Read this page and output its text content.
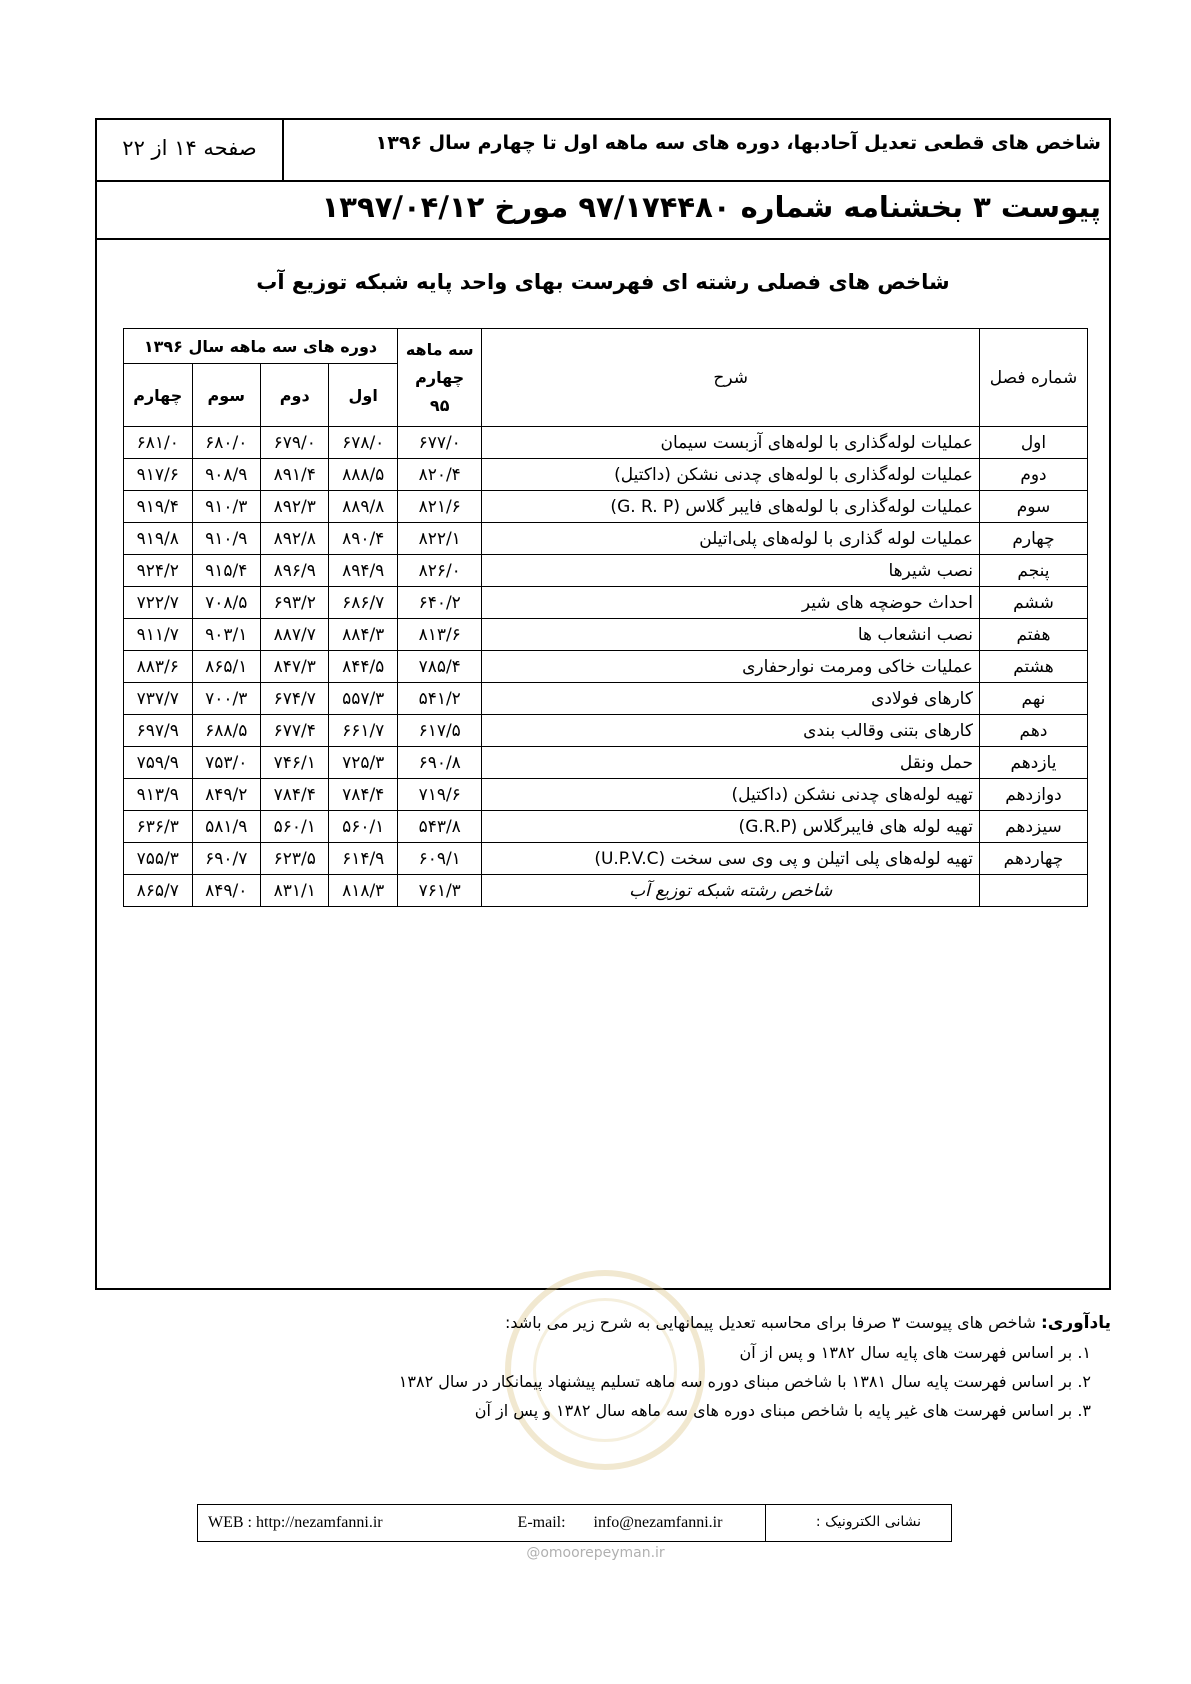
شاخص های قطعی تعدیل آحادبها، دوره های سه ماهه اول تا چهارم سال ۱۳۹۶
صفحه ۱۴ از ۲۲
پیوست ۳ بخشنامه شماره ۹۷/۱۷۴۴۸۰ مورخ ۱۳۹۷/۰۴/۱۲
شاخص های فصلی رشته ای فهرست بهای واحد پایه شبکه توزیع آب
شماره فصل	شرح	سه ماهه چهارم ۹۵	دوره های سه ماهه سال ۱۳۹۶			
			اول	دوم	سوم	چهارم
اول	عملیات لوله‌گذاری با لوله‌های آزبست سیمان	۶۷۷/۰	۶۷۸/۰	۶۷۹/۰	۶۸۰/۰	۶۸۱/۰
دوم	عملیات لوله‌گذاری با لوله‌های چدنی نشکن (داکتیل)	۸۲۰/۴	۸۸۸/۵	۸۹۱/۴	۹۰۸/۹	۹۱۷/۶
سوم	عملیات لوله‌گذاری با لوله‌های فایبر گلاس (G. R. P)	۸۲۱/۶	۸۸۹/۸	۸۹۲/۳	۹۱۰/۳	۹۱۹/۴
چهارم	عملیات لوله گذاری با لوله‌های پلی‌اتیلن	۸۲۲/۱	۸۹۰/۴	۸۹۲/۸	۹۱۰/۹	۹۱۹/۸
پنجم	نصب شیرها	۸۲۶/۰	۸۹۴/۹	۸۹۶/۹	۹۱۵/۴	۹۲۴/۲
ششم	احداث حوضچه های شیر	۶۴۰/۲	۶۸۶/۷	۶۹۳/۲	۷۰۸/۵	۷۲۲/۷
هفتم	نصب انشعاب ها	۸۱۳/۶	۸۸۴/۳	۸۸۷/۷	۹۰۳/۱	۹۱۱/۷
هشتم	عملیات خاکی ومرمت نوارحفاری	۷۸۵/۴	۸۴۴/۵	۸۴۷/۳	۸۶۵/۱	۸۸۳/۶
نهم	کارهای فولادی	۵۴۱/۲	۵۵۷/۳	۶۷۴/۷	۷۰۰/۳	۷۳۷/۷
دهم	کارهای بتنی وقالب بندی	۶۱۷/۵	۶۶۱/۷	۶۷۷/۴	۶۸۸/۵	۶۹۷/۹
یازدهم	حمل ونقل	۶۹۰/۸	۷۲۵/۳	۷۴۶/۱	۷۵۳/۰	۷۵۹/۹
دوازدهم	تهیه لوله‌های چدنی نشکن (داکتیل)	۷۱۹/۶	۷۸۴/۴	۷۸۴/۴	۸۴۹/۲	۹۱۳/۹
سیزدهم	تهیه لوله های فایبرگلاس (G.R.P)	۵۴۳/۸	۵۶۰/۱	۵۶۰/۱	۵۸۱/۹	۶۳۶/۳
چهاردهم	تهیه لوله‌های پلی اتیلن و پی وی سی سخت (U.P.V.C)	۶۰۹/۱	۶۱۴/۹	۶۲۳/۵	۶۹۰/۷	۷۵۵/۳
	شاخص رشته شبکه توزیع آب	۷۶۱/۳	۸۱۸/۳	۸۳۱/۱	۸۴۹/۰	۸۶۵/۷
یادآوری: شاخص های پیوست ۳ صرفا برای محاسبه تعدیل پیمانهایی به شرح زیر می باشد:
۱. بر اساس فهرست های پایه سال ۱۳۸۲ و پس از آن
۲. بر اساس فهرست پایه سال ۱۳۸۱ با شاخص مبنای دوره سه ماهه تسلیم پیشنهاد پیمانکار در سال ۱۳۸۲
۳. بر اساس فهرست های غیر پایه با شاخص مبنای دوره های سه ماهه سال ۱۳۸۲ و پس از آن
WEB : http://nezamfanni.ir	E-mail: info@nezamfanni.ir	نشانی الکترونیک :
@omoorepeyman.ir
